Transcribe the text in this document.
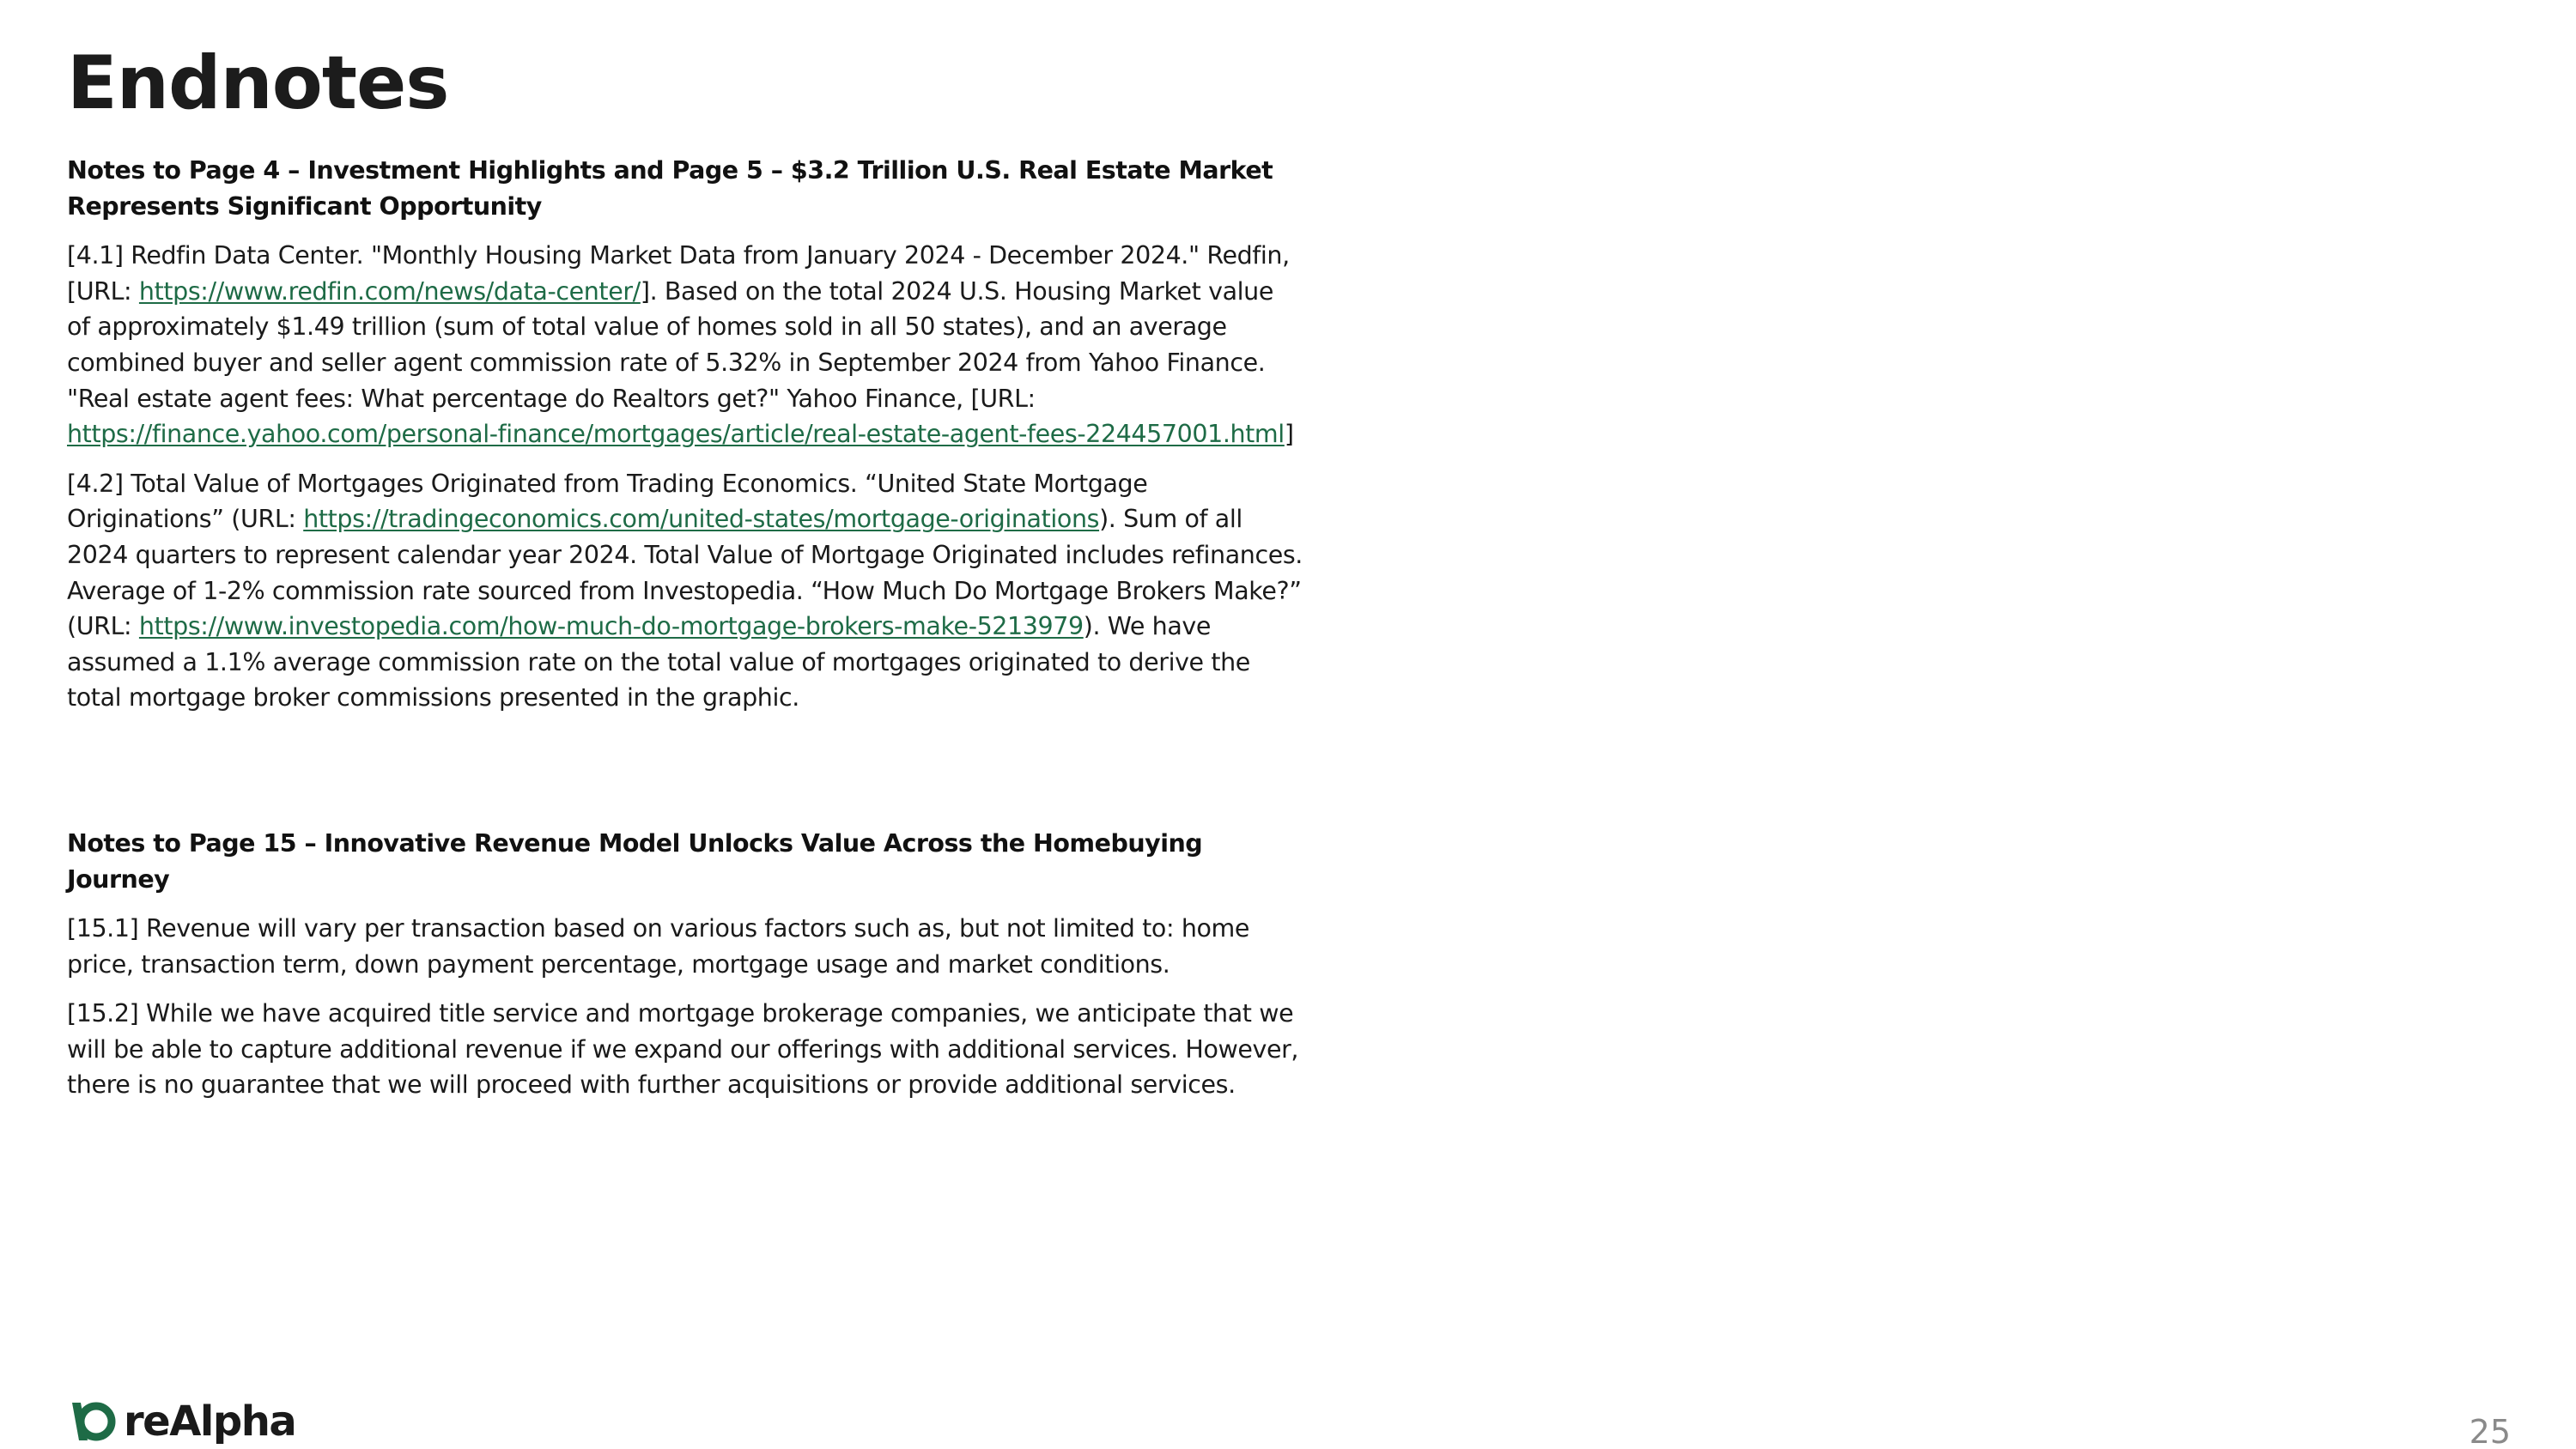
Endnotes

Notes to Page 4 – Investment Highlights and Page 5 – $3.2 Trillion U.S. Real Estate Market Represents Significant Opportunity

[4.1] Redfin Data Center. "Monthly Housing Market Data from January 2024 - December 2024." Redfin, [URL: https://www.redfin.com/news/data-center/]. Based on the total 2024 U.S. Housing Market value of approximately $1.49 trillion (sum of total value of homes sold in all 50 states), and an average combined buyer and seller agent commission rate of 5.32% in September 2024 from Yahoo Finance. "Real estate agent fees: What percentage do Realtors get?" Yahoo Finance, [URL: https://finance.yahoo.com/personal-finance/mortgages/article/real-estate-agent-fees-224457001.html]

[4.2] Total Value of Mortgages Originated from Trading Economics. “United State Mortgage Originations” (URL: https://tradingeconomics.com/united-states/mortgage-originations). Sum of all 2024 quarters to represent calendar year 2024. Total Value of Mortgage Originated includes refinances. Average of 1-2% commission rate sourced from Investopedia. “How Much Do Mortgage Brokers Make?” (URL: https://www.investopedia.com/how-much-do-mortgage-brokers-make-5213979). We have assumed a 1.1% average commission rate on the total value of mortgages originated to derive the total mortgage broker commissions presented in the graphic.

Notes to Page 15 – Innovative Revenue Model Unlocks Value Across the Homebuying Journey

[15.1] Revenue will vary per transaction based on various factors such as, but not limited to: home price, transaction term, down payment percentage, mortgage usage and market conditions.

[15.2] While we have acquired title service and mortgage brokerage companies, we anticipate that we will be able to capture additional revenue if we expand our offerings with additional services. However, there is no guarantee that we will proceed with further acquisitions or provide additional services.

reAlpha	25
